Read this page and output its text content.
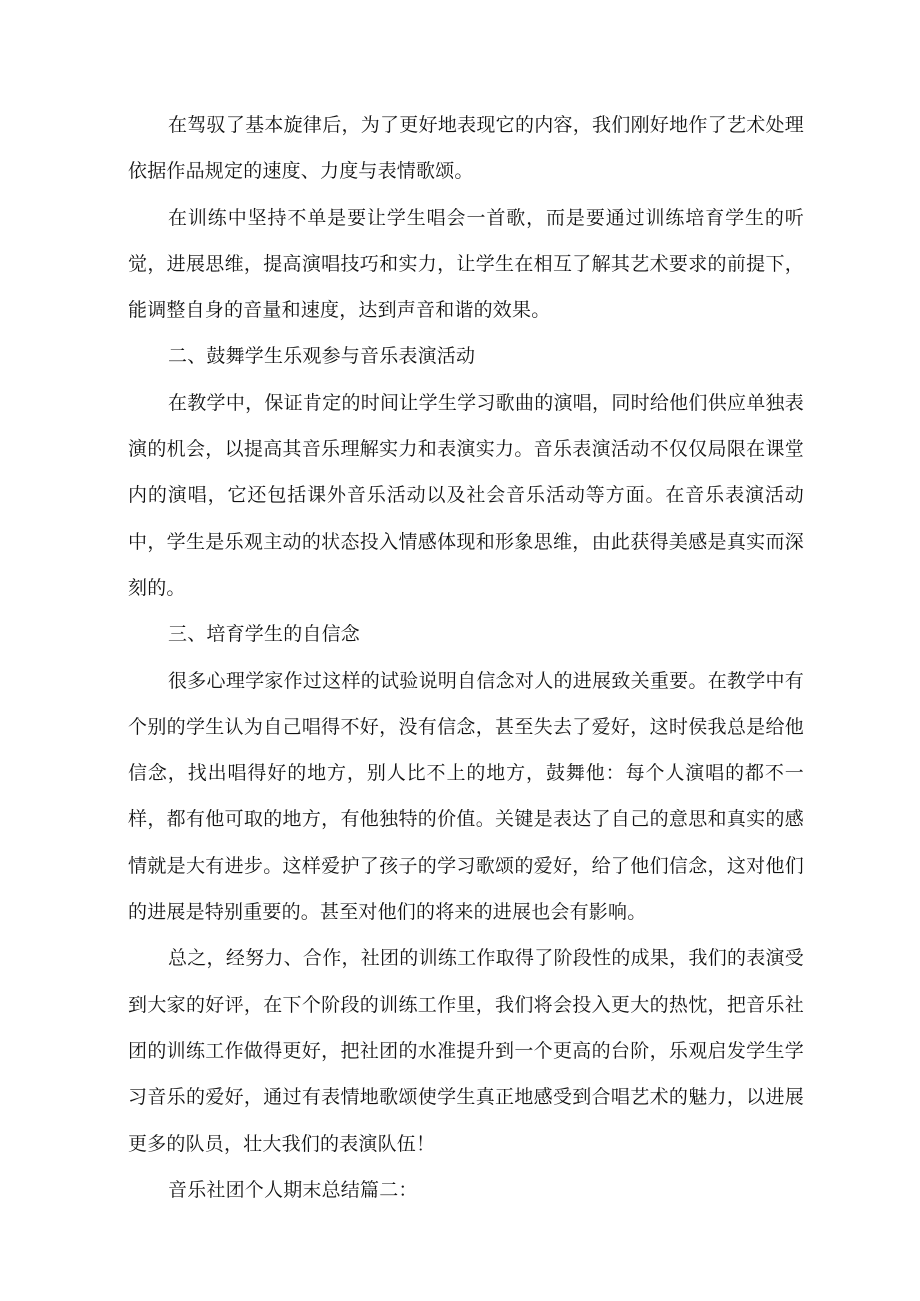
在驾驭了基本旋律后，为了更好地表现它的内容，我们刚好地作了艺术处理依据作品规定的速度、力度与表情歌颂。

在训练中坚持不单是要让学生唱会一首歌，而是要通过训练培育学生的听觉，进展思维，提高演唱技巧和实力，让学生在相互了解其艺术要求的前提下，能调整自身的音量和速度，达到声音和谐的效果。

二、鼓舞学生乐观参与音乐表演活动

在教学中，保证肯定的时间让学生学习歌曲的演唱，同时给他们供应单独表演的机会，以提高其音乐理解实力和表演实力。音乐表演活动不仅仅局限在课堂内的演唱，它还包括课外音乐活动以及社会音乐活动等方面。在音乐表演活动中，学生是乐观主动的状态投入情感体现和形象思维，由此获得美感是真实而深刻的。

三、培育学生的自信念

很多心理学家作过这样的试验说明自信念对人的进展致关重要。在教学中有个别的学生认为自己唱得不好，没有信念，甚至失去了爱好，这时侯我总是给他信念，找出唱得好的地方，别人比不上的地方，鼓舞他：每个人演唱的都不一样，都有他可取的地方，有他独特的价值。关键是表达了自己的意思和真实的感情就是大有进步。这样爱护了孩子的学习歌颂的爱好，给了他们信念，这对他们的进展是特别重要的。甚至对他们的将来的进展也会有影响。

总之，经努力、合作，社团的训练工作取得了阶段性的成果，我们的表演受到大家的好评，在下个阶段的训练工作里，我们将会投入更大的热忱，把音乐社团的训练工作做得更好，把社团的水准提升到一个更高的台阶，乐观启发学生学习音乐的爱好，通过有表情地歌颂使学生真正地感受到合唱艺术的魅力，以进展更多的队员，壮大我们的表演队伍！

音乐社团个人期末总结篇二：
